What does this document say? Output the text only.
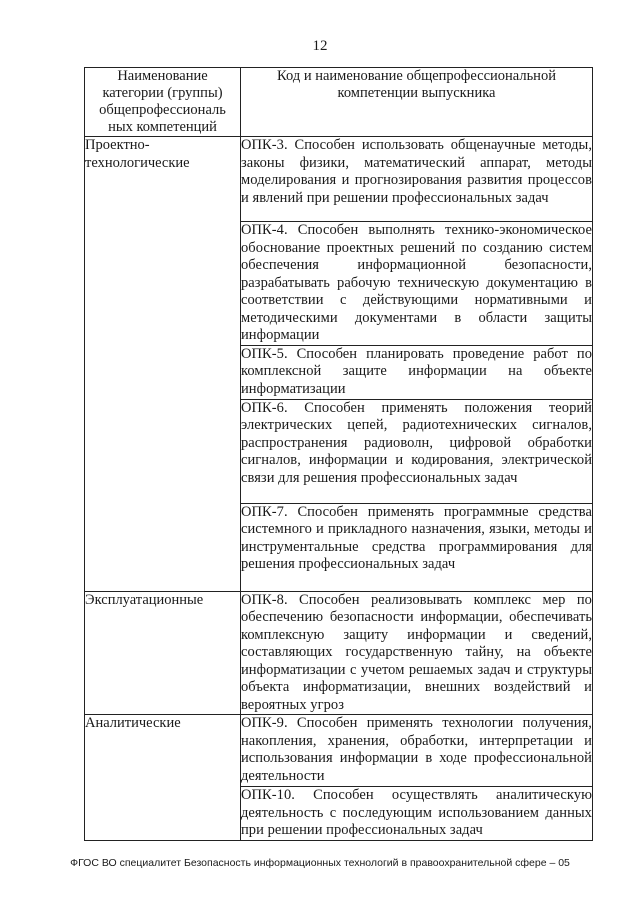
12
Наименование категории (группы) общепрофессиональ ных компетенций	Код и наименование общепрофессиональной компетенции выпускника
Проектно-технологические	ОПК-3. Способен использовать общенаучные методы, законы физики, математический аппарат, методы моделирования и прогнозирования развития процессов и явлений при решении профессиональных задач
	ОПК-4. Способен выполнять технико-экономическое обоснование проектных решений по созданию систем обеспечения информационной безопасности, разрабатывать рабочую техническую документацию в соответствии с действующими нормативными и методическими документами в области защиты информации
	ОПК-5. Способен планировать проведение работ по комплексной защите информации на объекте информатизации
	ОПК-6. Способен применять положения теорий электрических цепей, радиотехнических сигналов, распространения радиоволн, цифровой обработки сигналов, информации и кодирования, электрической связи для решения профессиональных задач
	ОПК-7. Способен применять программные средства системного и прикладного назначения, языки, методы и инструментальные средства программирования для решения профессиональных задач
Эксплуатационные	ОПК-8. Способен реализовывать комплекс мер по обеспечению безопасности информации, обеспечивать комплексную защиту информации и сведений, составляющих государственную тайну, на объекте информатизации с учетом решаемых задач и структуры объекта информатизации, внешних воздействий и вероятных угроз
Аналитические	ОПК-9. Способен применять технологии получения, накопления, хранения, обработки, интерпретации и использования информации в ходе профессиональной деятельности
	ОПК-10. Способен осуществлять аналитическую деятельность с последующим использованием данных при решении профессиональных задач
ФГОС ВО специалитет Безопасность информационных технологий в правоохранительной сфере – 05
